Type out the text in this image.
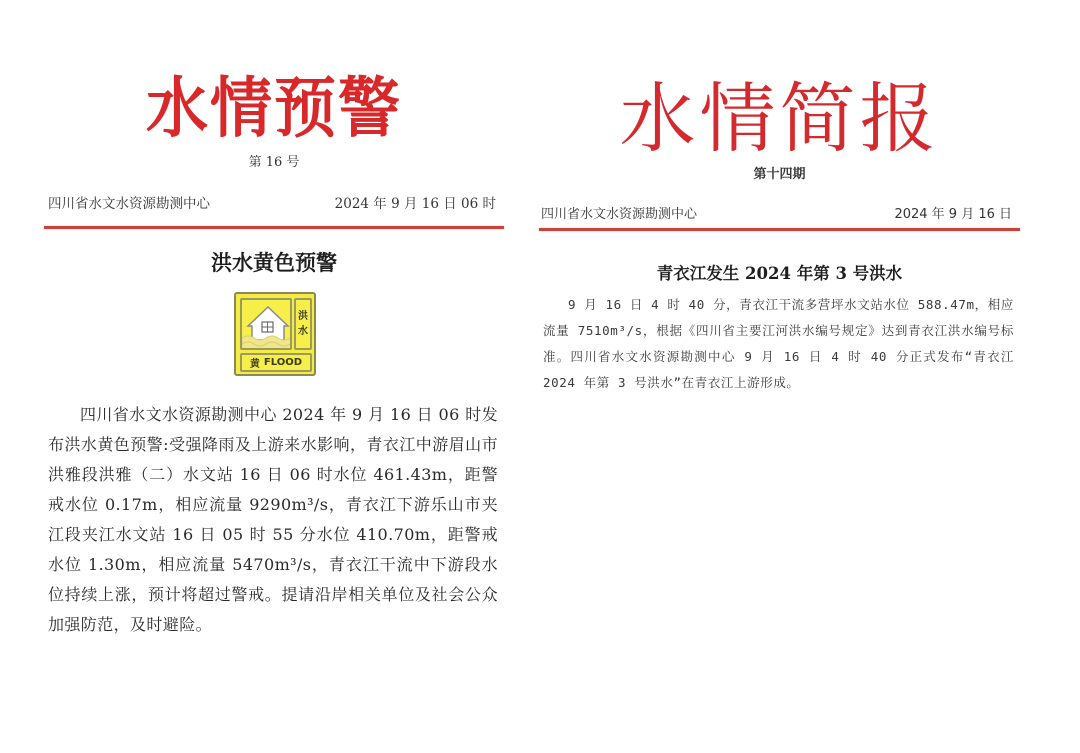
水情预警
第 16 号
四川省水文水资源勘测中心	2024 年 9 月 16 日 06 时
洪水黄色预警
洪
水
黄 FLOOD
四川省水文水资源勘测中心 2024 年 9 月 16 日 06 时发布洪水黄色预警:受强降雨及上游来水影响，青衣江中游眉山市洪雅段洪雅（二）水文站 16 日 06 时水位 461.43m，距警戒水位 0.17m，相应流量 9290m³/s，青衣江下游乐山市夹江段夹江水文站 16 日 05 时 55 分水位 410.70m，距警戒水位 1.30m，相应流量 5470m³/s，青衣江干流中下游段水位持续上涨，预计将超过警戒。提请沿岸相关单位及社会公众加强防范，及时避险。
水情简报
第十四期
四川省水文水资源勘测中心	2024 年 9 月 16 日
青衣江发生 2024 年第 3 号洪水
9 月 16 日 4 时 40 分，青衣江干流多营坪水文站水位 588.47m，相应流量 7510m³/s，根据《四川省主要江河洪水编号规定》达到青衣江洪水编号标准。四川省水文水资源勘测中心 9 月 16 日 4 时 40 分正式发布“青衣江 2024 年第 3 号洪水”在青衣江上游形成。
